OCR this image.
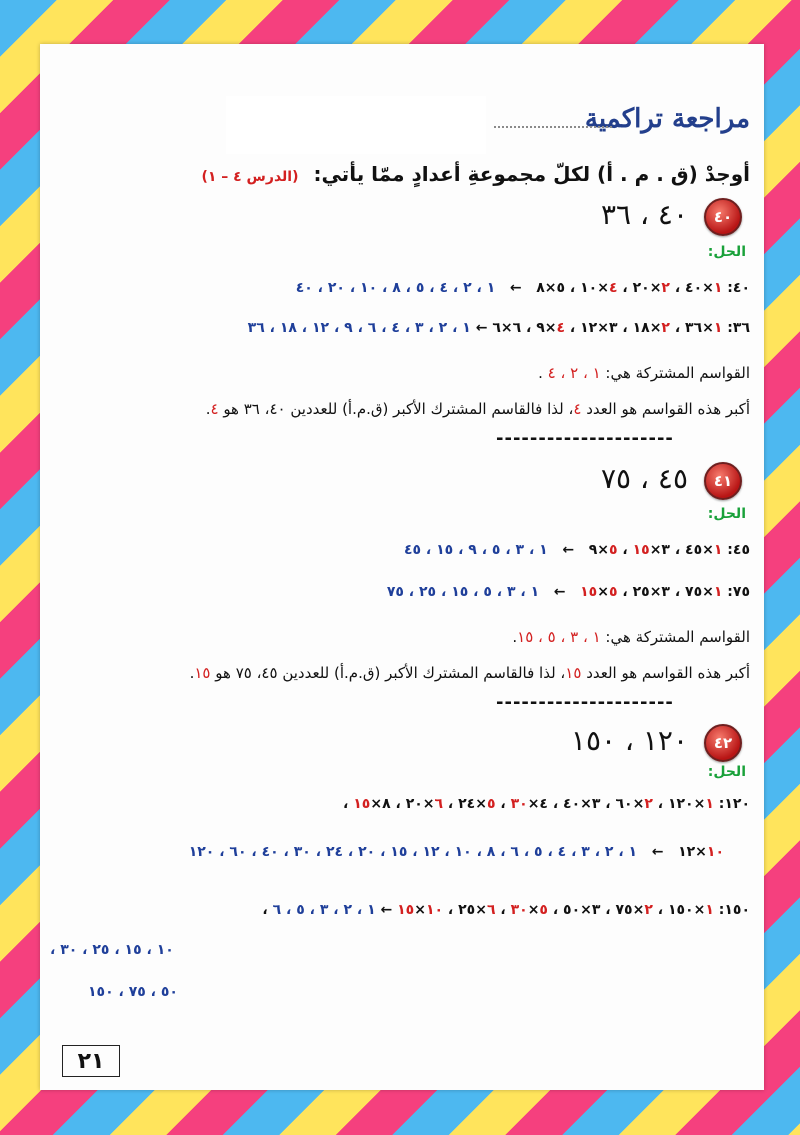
مراجعة تراكمية
أوجدْ (ق . م . أ) لكلّ مجموعةِ أعدادٍ ممّا يأتي: (الدرس ٤ – ١)
٤٠
٤٠ ، ٣٦
الحل:
٤٠: ١×٤٠ ، ٢×٢٠ ، ٤×١٠ ، ٥×٨   ←   ١ ، ٢ ، ٤ ، ٥ ، ٨ ، ١٠ ، ٢٠ ، ٤٠
٣٦: ١×٣٦ ، ٢×١٨ ، ٣×١٢ ، ٤×٩ ، ٦×٦ ← ١ ، ٢ ، ٣ ، ٤ ، ٦ ، ٩ ، ١٢ ، ١٨ ، ٣٦
القواسم المشتركة هي: ١ ، ٢ ، ٤ .
أكبر هذه القواسم هو العدد ٤، لذا فالقاسم المشترك الأكبر (ق.م.أ) للعددين ٤٠، ٣٦ هو ٤.
---------------------
٤١
٤٥ ، ٧٥
الحل:
٤٥: ١×٤٥ ، ٣×١٥ ، ٥×٩   ←   ١ ، ٣ ، ٥ ، ٩ ، ١٥ ، ٤٥
٧٥: ١×٧٥ ، ٣×٢٥ ، ٥×١٥   ←   ١ ، ٣ ، ٥ ، ١٥ ، ٢٥ ، ٧٥
القواسم المشتركة هي: ١ ، ٣ ، ٥ ، ١٥.
أكبر هذه القواسم هو العدد ١٥، لذا فالقاسم المشترك الأكبر (ق.م.أ) للعددين ٤٥، ٧٥ هو ١٥.
---------------------
٤٢
١٢٠ ، ١٥٠
الحل:
١٢٠: ١×١٢٠ ، ٢×٦٠ ، ٣×٤٠ ، ٤×٣٠ ، ٥×٢٤ ، ٦×٢٠ ، ٨×١٥ ،
١٠×١٢   ←   ١ ، ٢ ، ٣ ، ٤ ، ٥ ، ٦ ، ٨ ، ١٠ ، ١٢ ، ١٥ ، ٢٠ ، ٢٤ ، ٣٠ ، ٤٠ ، ٦٠ ، ١٢٠
١٥٠: ١×١٥٠ ، ٢×٧٥ ، ٣×٥٠ ، ٥×٣٠ ، ٦×٢٥ ، ١٠×١٥ ← ١ ، ٢ ، ٣ ، ٥ ، ٦ ،
١٠ ، ١٥ ، ٢٥ ، ٣٠ ،
٥٠ ، ٧٥ ، ١٥٠
٢١
